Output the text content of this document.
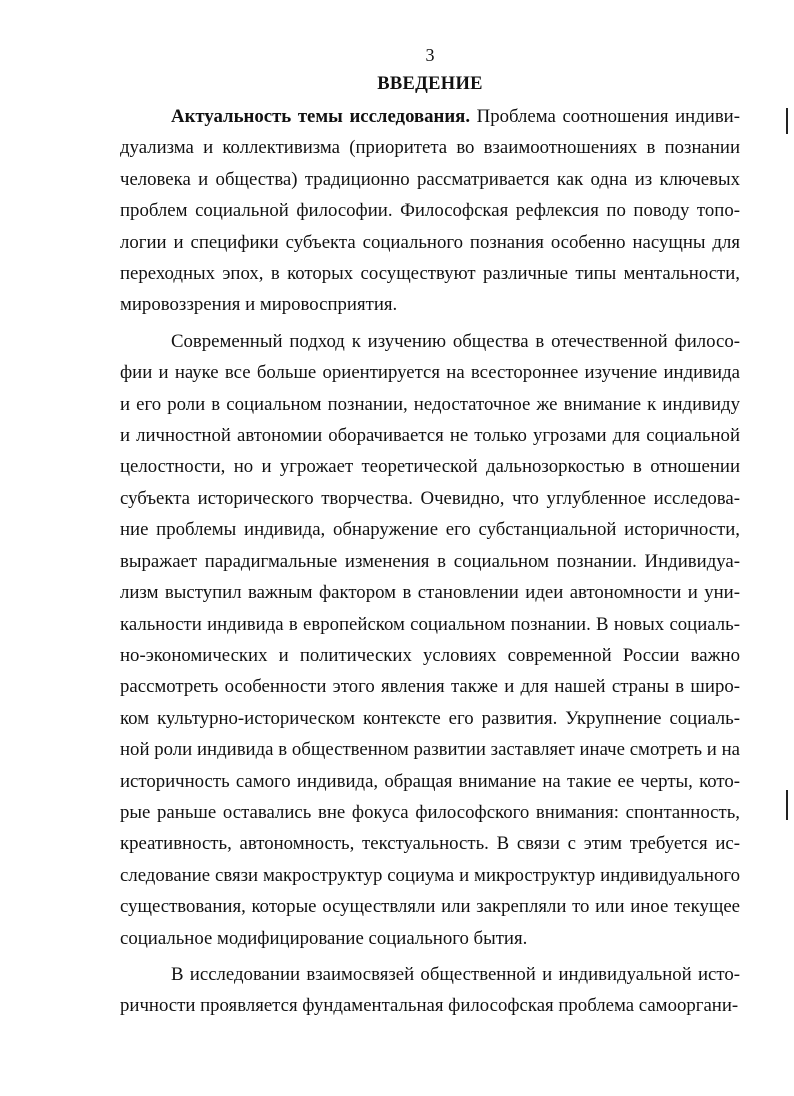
3
ВВЕДЕНИЕ

Актуальность темы исследования. Проблема соотношения индивидуализма и коллективизма (приоритета во взаимоотношениях в познании человека и общества) традиционно рассматривается как одна из ключевых проблем социальной философии. Философская рефлексия по поводу топологии и специфики субъекта социального познания особенно насущны для переходных эпох, в которых сосуществуют различные типы ментальности, мировоззрения и мировосприятия.

Современный подход к изучению общества в отечественной философии и науке все больше ориентируется на всестороннее изучение индивида и его роли в социальном познании, недостаточное же внимание к индивиду и личностной автономии оборачивается не только угрозами для социальной целостности, но и угрожает теоретической дальнозоркостью в отношении субъекта исторического творчества. Очевидно, что углубленное исследование проблемы индивида, обнаружение его субстанциальной историчности, выражает парадигмальные изменения в социальном познании. Индивидуализм выступил важным фактором в становлении идеи автономности и уникальности индивида в европейском социальном познании. В новых социально-экономических и политических условиях современной России важно рассмотреть особенности этого явления также и для нашей страны в широком культурно-историческом контексте его развития. Укрупнение социальной роли индивида в общественном развитии заставляет иначе смотреть и на историчность самого индивида, обращая внимание на такие ее черты, которые раньше оставались вне фокуса философского внимания: спонтанность, креативность, автономность, текстуальность. В связи с этим требуется исследование связи макроструктур социума и микроструктур индивидуального существования, которые осуществляли или закрепляли то или иное текущее социальное модифицирование социального бытия.

В исследовании взаимосвязей общественной и индивидуальной историчности проявляется фундаментальная философская проблема самооргани-
